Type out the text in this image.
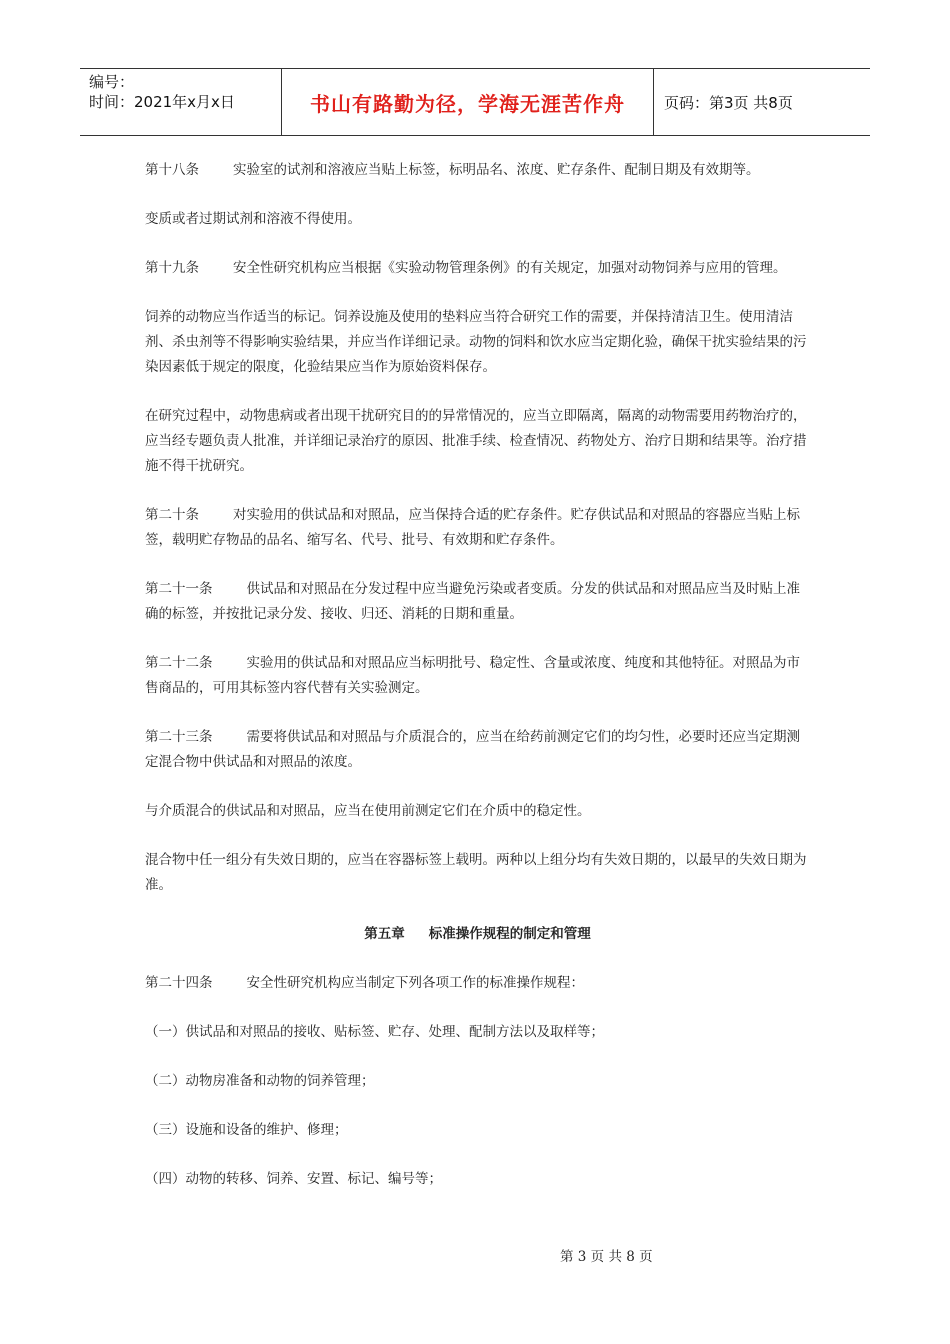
编号：
时间：2021年x月x日	书山有路勤为径，学海无涯苦作舟	页码：第3页 共8页

第十八条	实验室的试剂和溶液应当贴上标签，标明品名、浓度、贮存条件、配制日期及有效期等。

变质或者过期试剂和溶液不得使用。

第十九条	安全性研究机构应当根据《实验动物管理条例》的有关规定，加强对动物饲养与应用的管理。

饲养的动物应当作适当的标记。饲养设施及使用的垫料应当符合研究工作的需要，并保持清洁卫生。使用清洁剂、杀虫剂等不得影响实验结果，并应当作详细记录。动物的饲料和饮水应当定期化验，确保干扰实验结果的污染因素低于规定的限度，化验结果应当作为原始资料保存。

在研究过程中，动物患病或者出现干扰研究目的的异常情况的，应当立即隔离，隔离的动物需要用药物治疗的，应当经专题负责人批准，并详细记录治疗的原因、批准手续、检查情况、药物处方、治疗日期和结果等。治疗措施不得干扰研究。

第二十条	对实验用的供试品和对照品，应当保持合适的贮存条件。贮存供试品和对照品的容器应当贴上标签，载明贮存物品的品名、缩写名、代号、批号、有效期和贮存条件。

第二十一条	供试品和对照品在分发过程中应当避免污染或者变质。分发的供试品和对照品应当及时贴上准确的标签，并按批记录分发、接收、归还、消耗的日期和重量。

第二十二条	实验用的供试品和对照品应当标明批号、稳定性、含量或浓度、纯度和其他特征。对照品为市售商品的，可用其标签内容代替有关实验测定。

第二十三条	需要将供试品和对照品与介质混合的，应当在给药前测定它们的均匀性，必要时还应当定期测定混合物中供试品和对照品的浓度。

与介质混合的供试品和对照品，应当在使用前测定它们在介质中的稳定性。

混合物中任一组分有失效日期的，应当在容器标签上载明。两种以上组分均有失效日期的，以最早的失效日期为准。

第五章 标准操作规程的制定和管理

第二十四条	安全性研究机构应当制定下列各项工作的标准操作规程：

（一）供试品和对照品的接收、贴标签、贮存、处理、配制方法以及取样等；

（二）动物房准备和动物的饲养管理；

（三）设施和设备的维护、修理；

（四）动物的转移、饲养、安置、标记、编号等；

第 3 页 共 8 页
